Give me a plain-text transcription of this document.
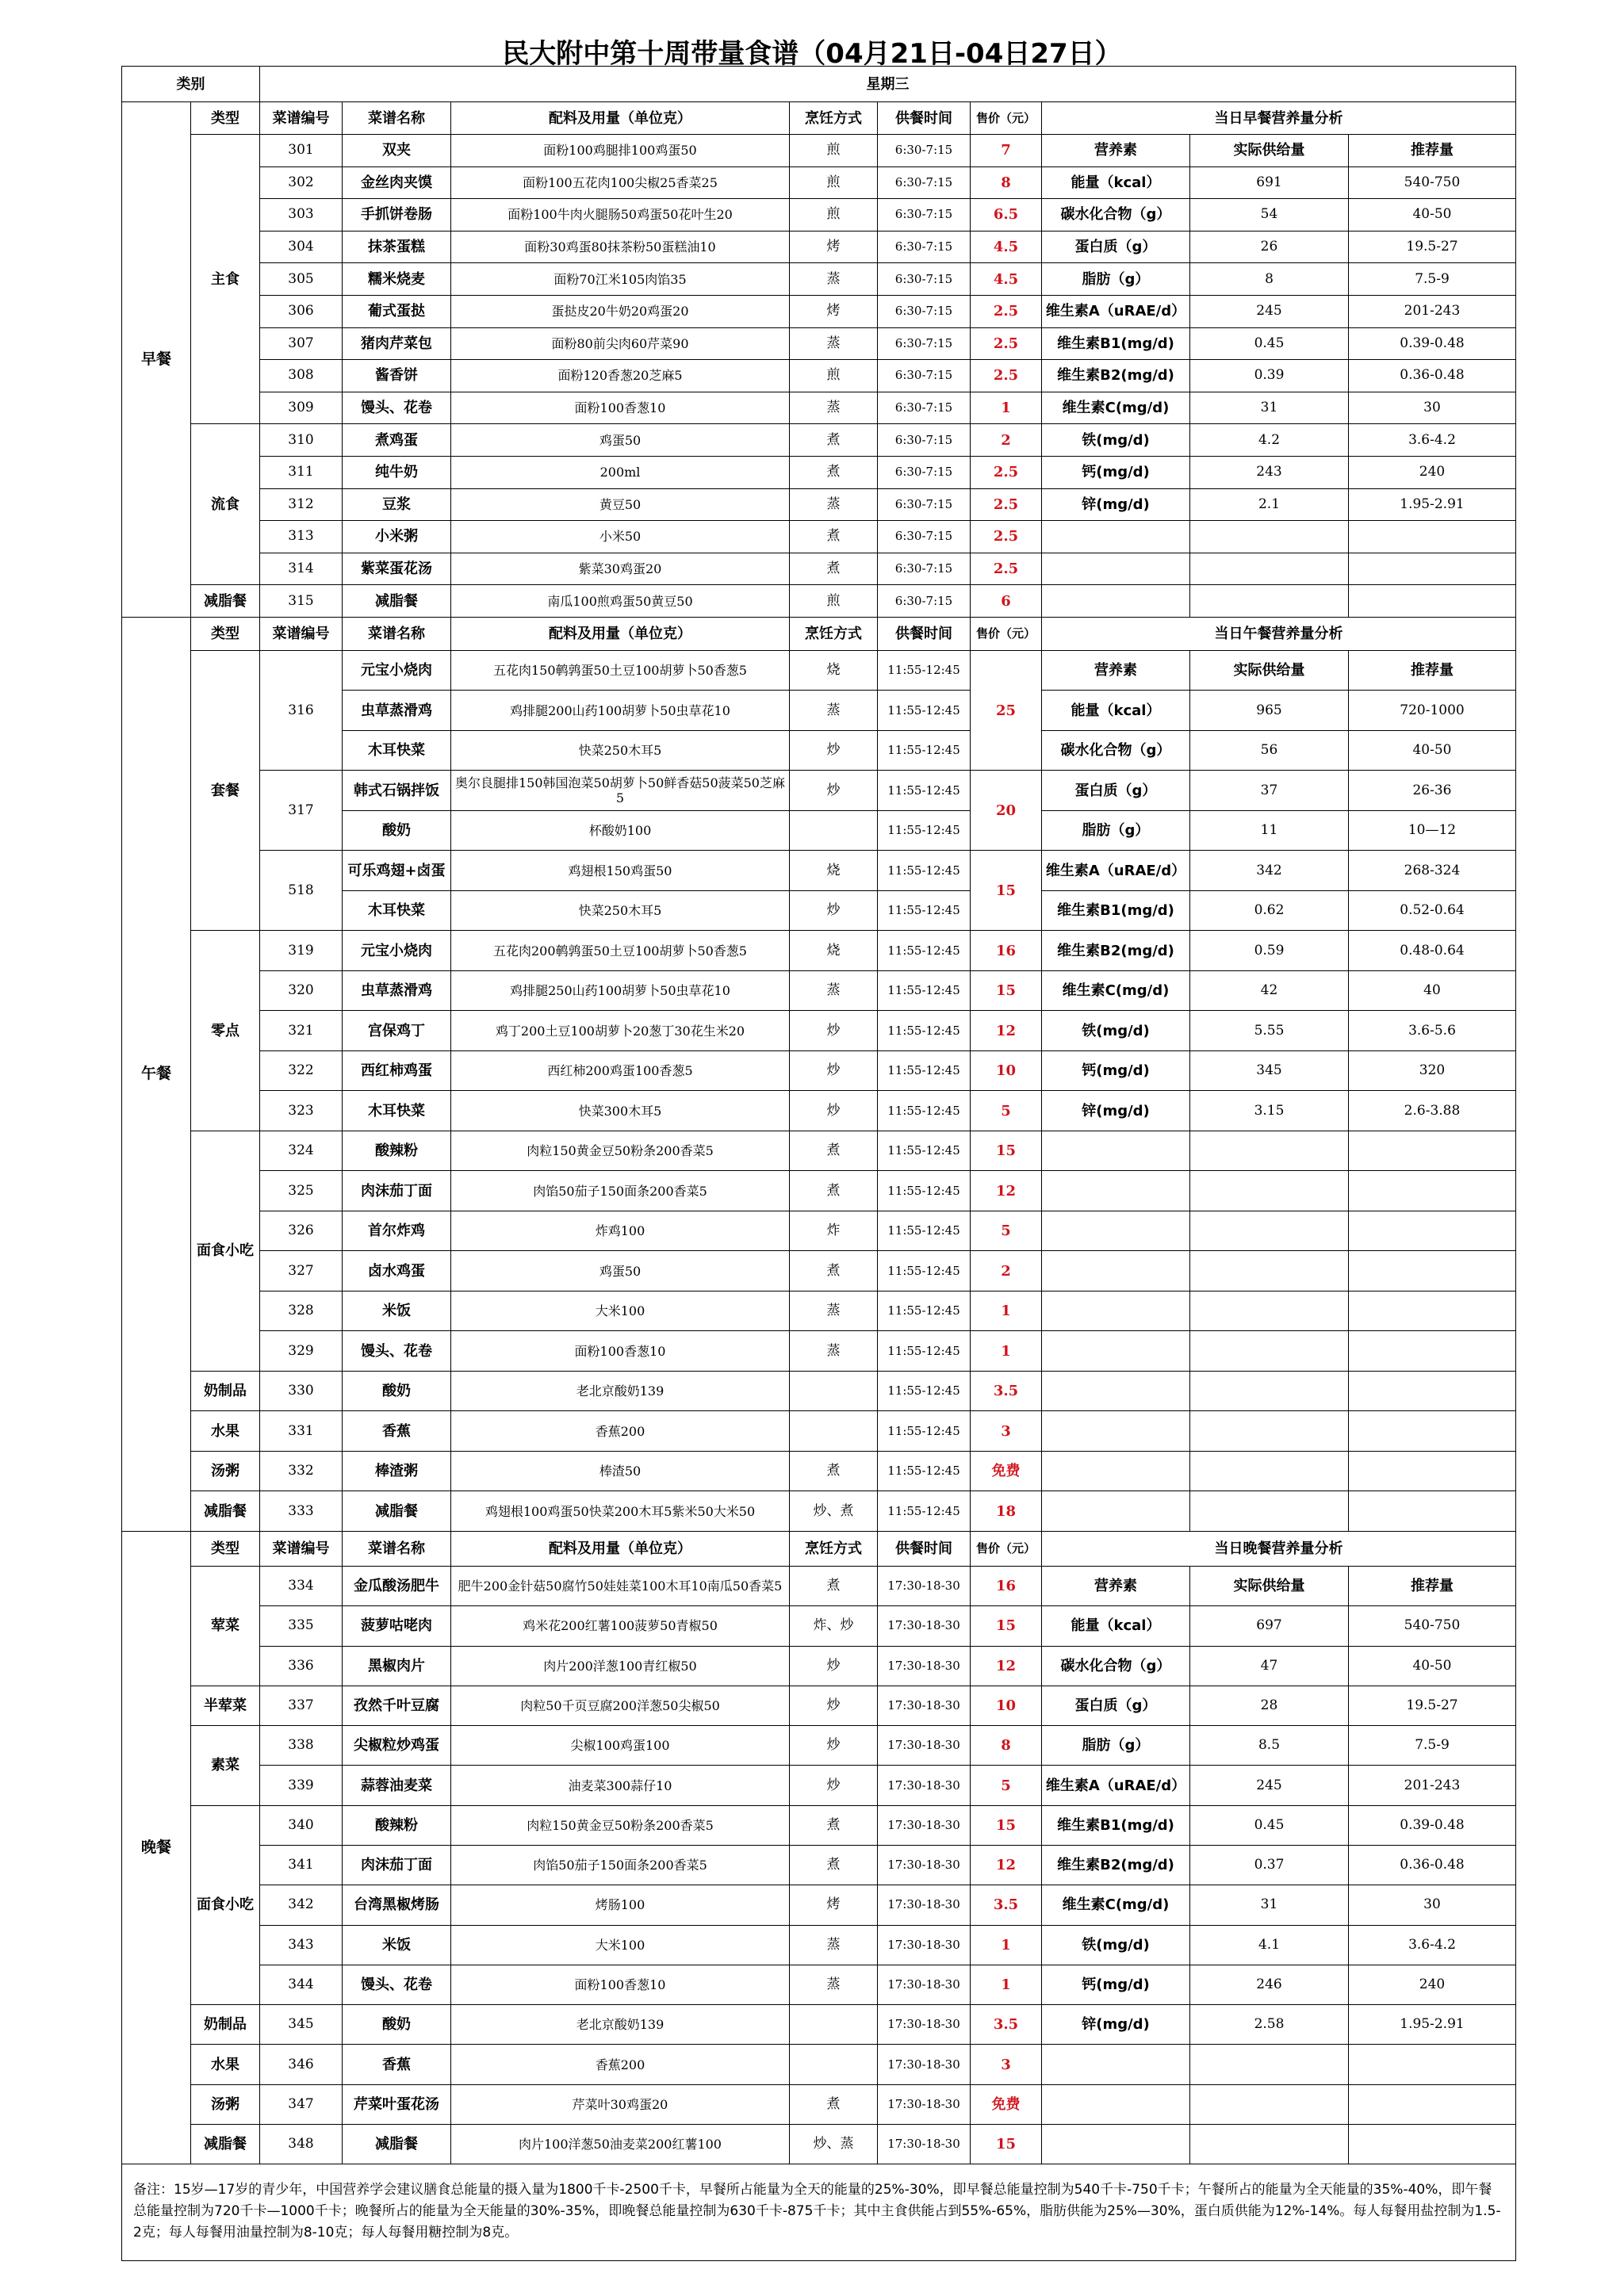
民大附中第十周带量食谱（04月21日-04日27日）
类别		星期三								
早餐	类型	菜谱编号	菜谱名称	配料及用量（单位克）	烹饪方式	供餐时间	售价（元）	当日早餐营养量分析		
	主食	301	双夹	面粉100鸡腿排100鸡蛋50	煎	6:30-7:15	7	营养素	实际供给量	推荐量
		302	金丝肉夹馍	面粉100五花肉100尖椒25香菜25	煎	6:30-7:15	8	能量（kcal）	691	540-750
		303	手抓饼卷肠	面粉100牛肉火腿肠50鸡蛋50花叶生20	煎	6:30-7:15	6.5	碳水化合物（g）	54	40-50
		304	抹茶蛋糕	面粉30鸡蛋80抹茶粉50蛋糕油10	烤	6:30-7:15	4.5	蛋白质（g）	26	19.5-27
		305	糯米烧麦	面粉70江米105肉馅35	蒸	6:30-7:15	4.5	脂肪（g）	8	7.5-9
		306	葡式蛋挞	蛋挞皮20牛奶20鸡蛋20	烤	6:30-7:15	2.5	维生素A（uRAE/d）	245	201-243
		307	猪肉芹菜包	面粉80前尖肉60芹菜90	蒸	6:30-7:15	2.5	维生素B1(mg/d)	0.45	0.39-0.48
		308	酱香饼	面粉120香葱20芝麻5	煎	6:30-7:15	2.5	维生素B2(mg/d)	0.39	0.36-0.48
		309	馒头、花卷	面粉100香葱10	蒸	6:30-7:15	1	维生素C(mg/d)	31	30
	流食	310	煮鸡蛋	鸡蛋50	煮	6:30-7:15	2	铁(mg/d)	4.2	3.6-4.2
		311	纯牛奶	200ml	煮	6:30-7:15	2.5	钙(mg/d)	243	240
		312	豆浆	黄豆50	蒸	6:30-7:15	2.5	锌(mg/d)	2.1	1.95-2.91
		313	小米粥	小米50	煮	6:30-7:15	2.5			
		314	紫菜蛋花汤	紫菜30鸡蛋20	煮	6:30-7:15	2.5			
	减脂餐	315	减脂餐	南瓜100煎鸡蛋50黄豆50	煎	6:30-7:15	6			
午餐	类型	菜谱编号	菜谱名称	配料及用量（单位克）	烹饪方式	供餐时间	售价（元）	当日午餐营养量分析		
	套餐	316	元宝小烧肉	五花肉150鹌鹑蛋50土豆100胡萝卜50香葱5	烧	11:55-12:45	25	营养素	实际供给量	推荐量
			虫草蒸滑鸡	鸡排腿200山药100胡萝卜50虫草花10	蒸	11:55-12:45		能量（kcal）	965	720-1000
			木耳快菜	快菜250木耳5	炒	11:55-12:45		碳水化合物（g）	56	40-50
		317	韩式石锅拌饭	奥尔良腿排150韩国泡菜50胡萝卜50鲜香菇50菠菜50芝麻5	炒	11:55-12:45	20	蛋白质（g）	37	26-36
			酸奶	杯酸奶100		11:55-12:45		脂肪（g）	11	10—12
		518	可乐鸡翅+卤蛋	鸡翅根150鸡蛋50	烧	11:55-12:45	15	维生素A（uRAE/d）	342	268-324
			木耳快菜	快菜250木耳5	炒	11:55-12:45		维生素B1(mg/d)	0.62	0.52-0.64
	零点	319	元宝小烧肉	五花肉200鹌鹑蛋50土豆100胡萝卜50香葱5	烧	11:55-12:45	16	维生素B2(mg/d)	0.59	0.48-0.64
		320	虫草蒸滑鸡	鸡排腿250山药100胡萝卜50虫草花10	蒸	11:55-12:45	15	维生素C(mg/d)	42	40
		321	宫保鸡丁	鸡丁200土豆100胡萝卜20葱丁30花生米20	炒	11:55-12:45	12	铁(mg/d)	5.55	3.6-5.6
		322	西红柿鸡蛋	西红柿200鸡蛋100香葱5	炒	11:55-12:45	10	钙(mg/d)	345	320
		323	木耳快菜	快菜300木耳5	炒	11:55-12:45	5	锌(mg/d)	3.15	2.6-3.88
	面食小吃	324	酸辣粉	肉粒150黄金豆50粉条200香菜5	煮	11:55-12:45	15			
		325	肉沫茄丁面	肉馅50茄子150面条200香菜5	煮	11:55-12:45	12			
		326	首尔炸鸡	炸鸡100	炸	11:55-12:45	5			
		327	卤水鸡蛋	鸡蛋50	煮	11:55-12:45	2			
		328	米饭	大米100	蒸	11:55-12:45	1			
		329	馒头、花卷	面粉100香葱10	蒸	11:55-12:45	1			
	奶制品	330	酸奶	老北京酸奶139		11:55-12:45	3.5			
	水果	331	香蕉	香蕉200		11:55-12:45	3			
	汤粥	332	棒渣粥	棒渣50	煮	11:55-12:45	免费			
	减脂餐	333	减脂餐	鸡翅根100鸡蛋50快菜200木耳5紫米50大米50	炒、煮	11:55-12:45	18			
晚餐	类型	菜谱编号	菜谱名称	配料及用量（单位克）	烹饪方式	供餐时间	售价（元）	当日晚餐营养量分析		
	荤菜	334	金瓜酸汤肥牛	肥牛200金针菇50腐竹50娃娃菜100木耳10南瓜50香菜5	煮	17:30-18-30	16	营养素	实际供给量	推荐量
		335	菠萝咕咾肉	鸡米花200红薯100菠萝50青椒50	炸、炒	17:30-18-30	15	能量（kcal）	697	540-750
		336	黑椒肉片	肉片200洋葱100青红椒50	炒	17:30-18-30	12	碳水化合物（g）	47	40-50
	半荤菜	337	孜然千叶豆腐	肉粒50千页豆腐200洋葱50尖椒50	炒	17:30-18-30	10	蛋白质（g）	28	19.5-27
	素菜	338	尖椒粒炒鸡蛋	尖椒100鸡蛋100	炒	17:30-18-30	8	脂肪（g）	8.5	7.5-9
		339	蒜蓉油麦菜	油麦菜300蒜仔10	炒	17:30-18-30	5	维生素A（uRAE/d）	245	201-243
	面食小吃	340	酸辣粉	肉粒150黄金豆50粉条200香菜5	煮	17:30-18-30	15	维生素B1(mg/d)	0.45	0.39-0.48
		341	肉沫茄丁面	肉馅50茄子150面条200香菜5	煮	17:30-18-30	12	维生素B2(mg/d)	0.37	0.36-0.48
		342	台湾黑椒烤肠	烤肠100	烤	17:30-18-30	3.5	维生素C(mg/d)	31	30
		343	米饭	大米100	蒸	17:30-18-30	1	铁(mg/d)	4.1	3.6-4.2
		344	馒头、花卷	面粉100香葱10	蒸	17:30-18-30	1	钙(mg/d)	246	240
	奶制品	345	酸奶	老北京酸奶139		17:30-18-30	3.5	锌(mg/d)	2.58	1.95-2.91
	水果	346	香蕉	香蕉200		17:30-18-30	3			
	汤粥	347	芹菜叶蛋花汤	芹菜叶30鸡蛋20	煮	17:30-18-30	免费			
	减脂餐	348	减脂餐	肉片100洋葱50油麦菜200红薯100	炒、蒸	17:30-18-30	15			
备注：15岁—17岁的青少年，中国营养学会建议膳食总能量的摄入量为1800千卡-2500千卡，早餐所占能量为全天的能量的25%-30%，即早餐总能量控制为540千卡-750千卡；午餐所占的能量为全天能量的35%-40%，即午餐总能量控制为720千卡—1000千卡；晚餐所占的能量为全天能量的30%-35%，即晚餐总能量控制为630千卡-875千卡；其中主食供能占到55%-65%，脂肪供能为25%—30%，蛋白质供能为12%-14%。每人每餐用盐控制为1.5-2克；每人每餐用油量控制为8-10克；每人每餐用糖控制为8克。										
